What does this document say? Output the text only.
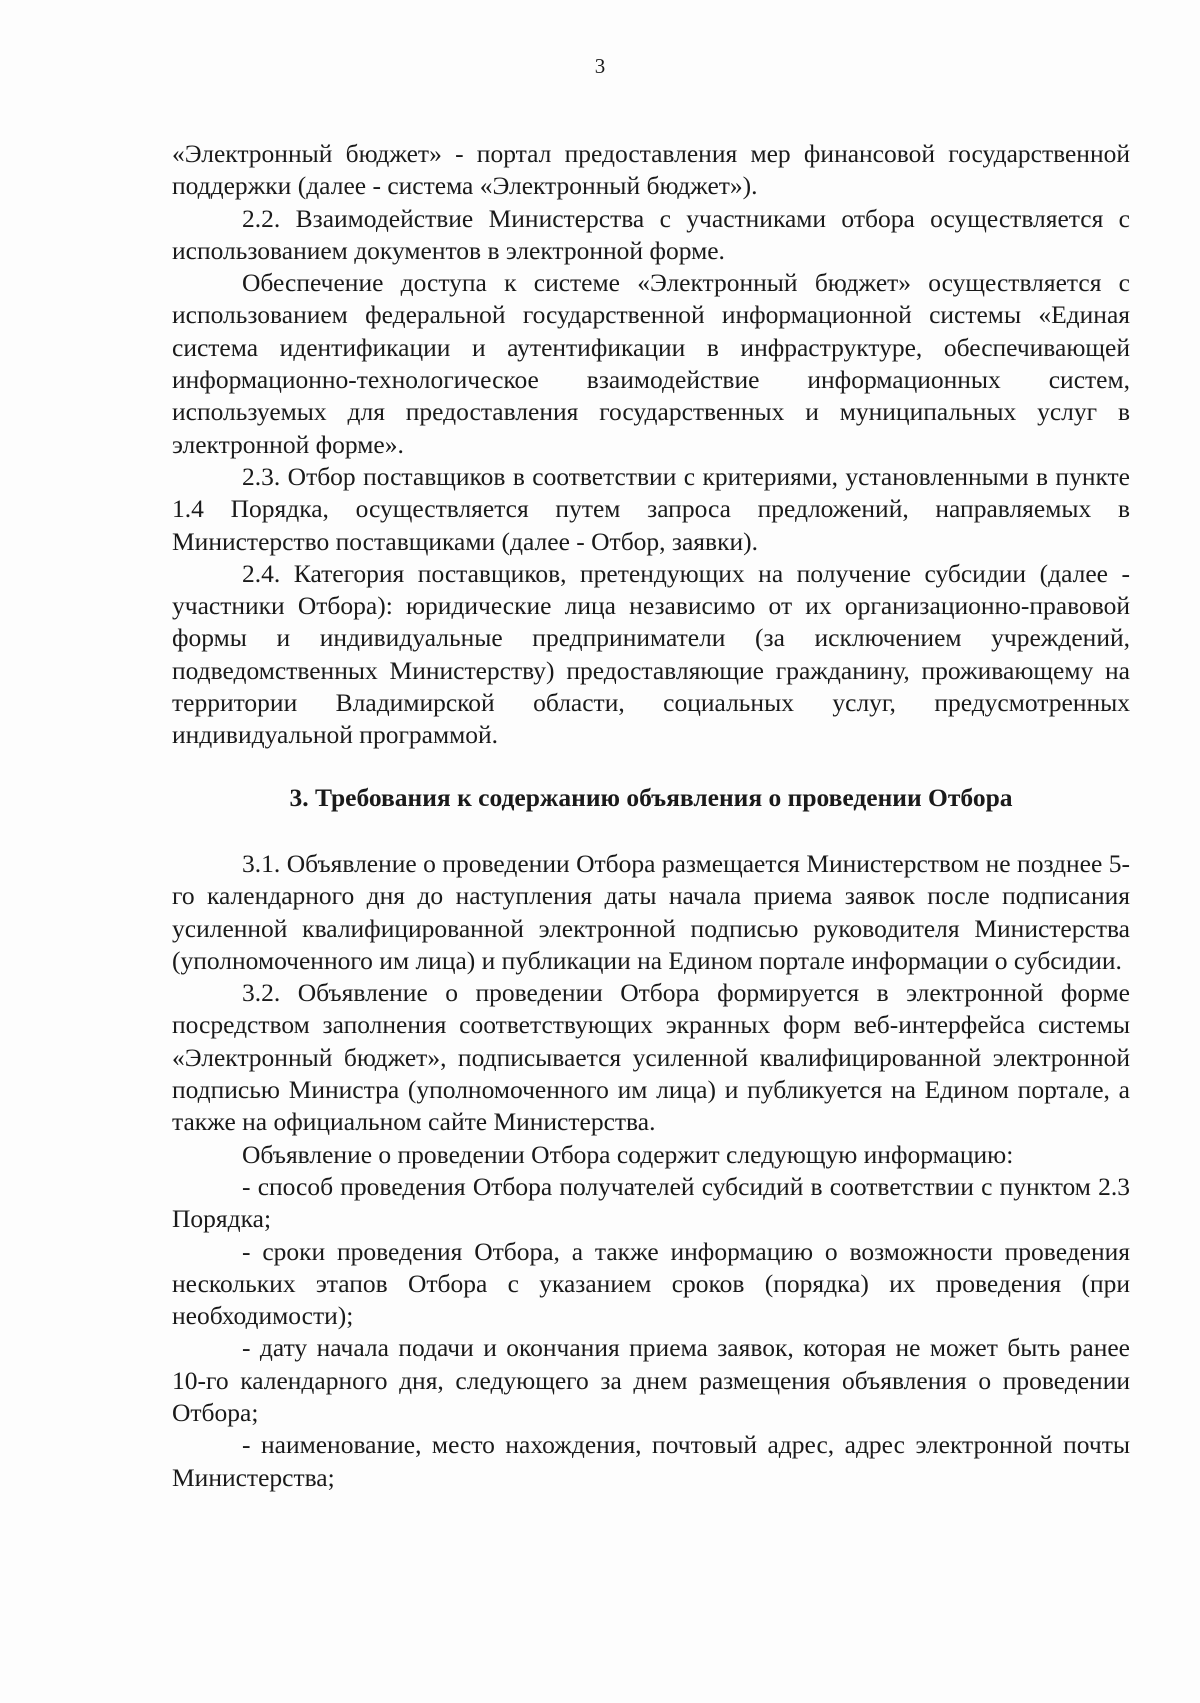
3

«Электронный бюджет» - портал предоставления мер финансовой государственной поддержки (далее - система «Электронный бюджет»).

2.2. Взаимодействие Министерства с участниками отбора осуществляется с использованием документов в электронной форме.

Обеспечение доступа к системе «Электронный бюджет» осуществляется с использованием федеральной государственной информационной системы «Единая система идентификации и аутентификации в инфраструктуре, обеспечивающей информационно-технологическое взаимодействие информационных систем, используемых для предоставления государственных и муниципальных услуг в электронной форме».

2.3. Отбор поставщиков в соответствии с критериями, установленными в пункте 1.4 Порядка, осуществляется путем запроса предложений, направляемых в Министерство поставщиками (далее - Отбор, заявки).

2.4. Категория поставщиков, претендующих на получение субсидии (далее - участники Отбора): юридические лица независимо от их организационно-правовой формы и индивидуальные предприниматели (за исключением учреждений, подведомственных Министерству) предоставляющие гражданину, проживающему на территории Владимирской области, социальных услуг, предусмотренных индивидуальной программой.

3. Требования к содержанию объявления о проведении Отбора

3.1. Объявление о проведении Отбора размещается Министерством не позднее 5-го календарного дня до наступления даты начала приема заявок после подписания усиленной квалифицированной электронной подписью руководителя Министерства (уполномоченного им лица) и публикации на Едином портале информации о субсидии.

3.2. Объявление о проведении Отбора формируется в электронной форме посредством заполнения соответствующих экранных форм веб-интерфейса системы «Электронный бюджет», подписывается усиленной квалифицированной электронной подписью Министра (уполномоченного им лица) и публикуется на Едином портале, а также на официальном сайте Министерства.

Объявление о проведении Отбора содержит следующую информацию:

- способ проведения Отбора получателей субсидий в соответствии с пунктом 2.3 Порядка;

- сроки проведения Отбора, а также информацию о возможности проведения нескольких этапов Отбора с указанием сроков (порядка) их проведения (при необходимости);

- дату начала подачи и окончания приема заявок, которая не может быть ранее 10-го календарного дня, следующего за днем размещения объявления о проведении Отбора;

- наименование, место нахождения, почтовый адрес, адрес электронной почты Министерства;
